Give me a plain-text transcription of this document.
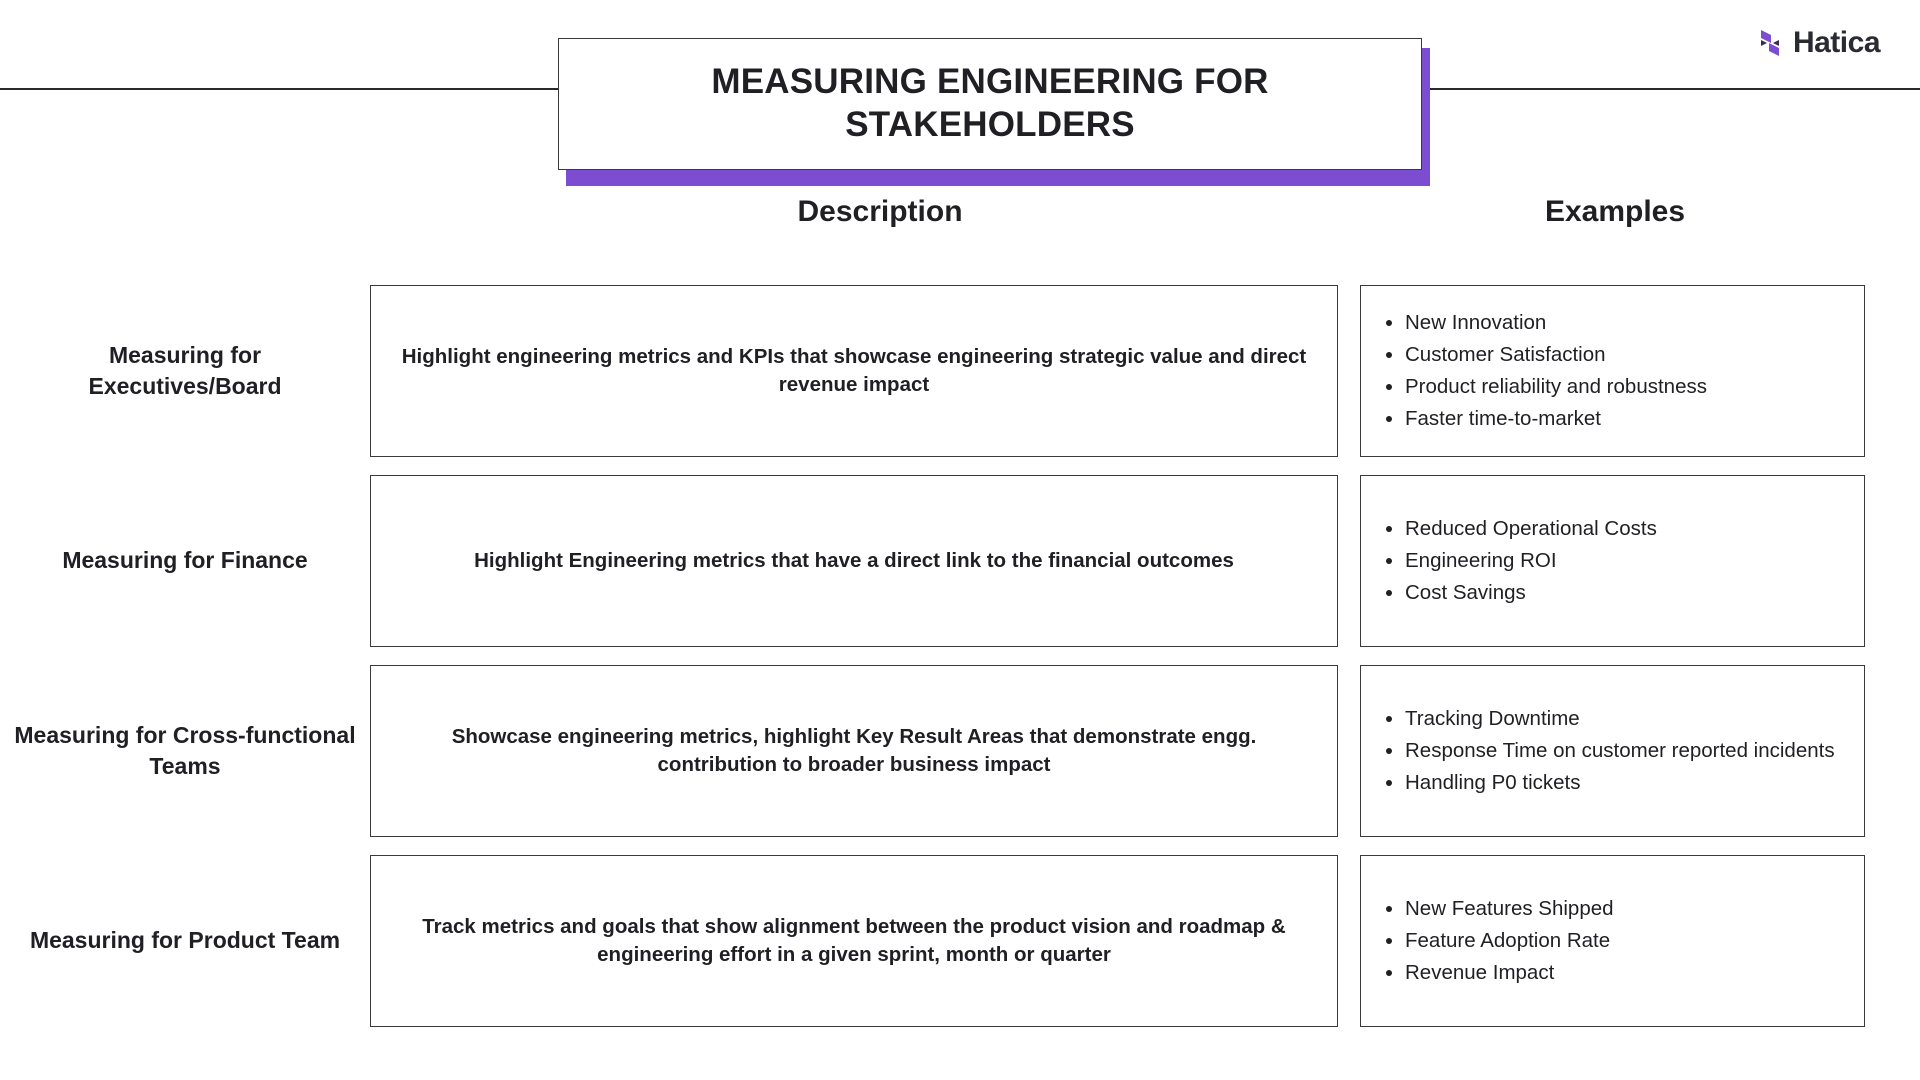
Hatica
MEASURING ENGINEERING FOR STAKEHOLDERS
Description	Examples
Measuring for Executives/Board
Highlight engineering metrics and KPIs that showcase engineering strategic value and direct revenue impact
• New Innovation
• Customer Satisfaction
• Product reliability and robustness
• Faster time-to-market
Measuring for Finance	Highlight Engineering metrics that have a direct link to the financial outcomes
• Reduced Operational Costs
• Engineering ROI
• Cost Savings
Measuring for Cross-functional Teams
Showcase engineering metrics, highlight Key Result Areas that demonstrate engg. contribution to broader business impact
• Tracking Downtime
• Response Time on customer reported incidents
• Handling P0 tickets
Measuring for Product Team
Track metrics and goals that show alignment between the product vision and roadmap & engineering effort in a given sprint, month or quarter
• New Features Shipped
• Feature Adoption Rate
• Revenue Impact
